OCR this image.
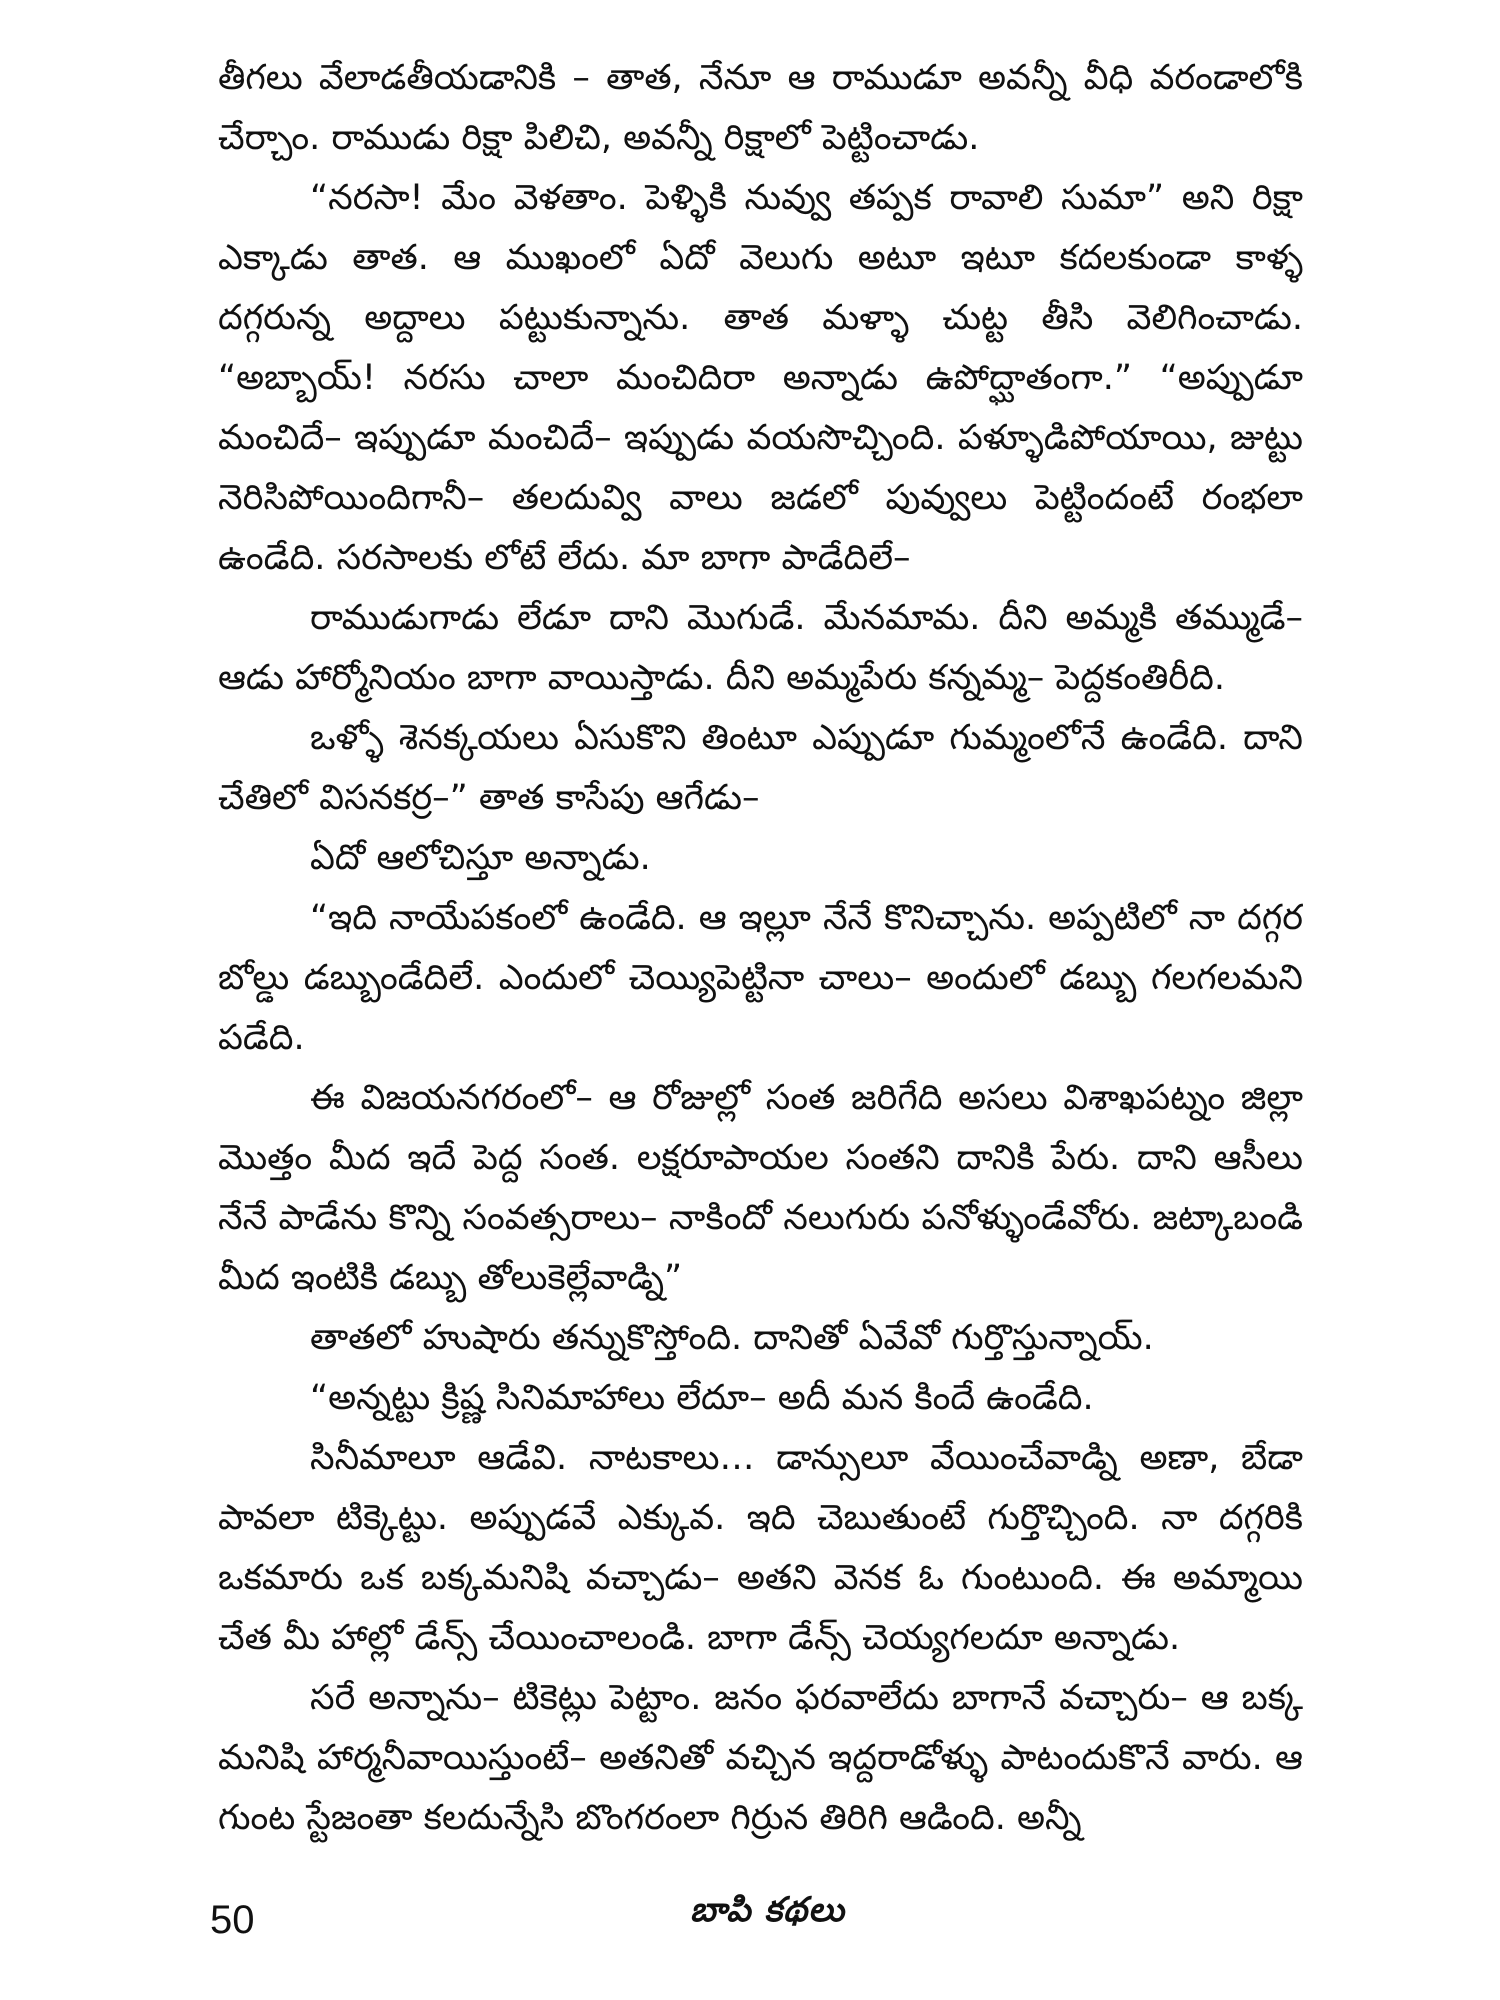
తీగలు వేలాడతీయడానికి – తాత, నేనూ ఆ రాముడూ అవన్నీ వీధి వరండాలోకి చేర్చాం. రాముడు రిక్షా పిలిచి, అవన్నీ రిక్షాలో పెట్టించాడు.

“నరసా! మేం వెళతాం. పెళ్ళికి నువ్వు తప్పక రావాలి సుమా” అని రిక్షా ఎక్కాడు తాత. ఆ ముఖంలో ఏదో వెలుగు అటూ ఇటూ కదలకుండా కాళ్ళ దగ్గరున్న అద్దాలు పట్టుకున్నాను. తాత మళ్ళా చుట్ట తీసి వెలిగించాడు. “అబ్బాయ్! నరసు చాలా మంచిదిరా అన్నాడు ఉపోద్ఘాతంగా.” “అప్పుడూ మంచిదే– ఇప్పుడూ మంచిదే– ఇప్పుడు వయసొచ్చింది. పళ్ళూడిపోయాయి, జుట్టు నెరిసిపోయిందిగానీ– తలదువ్వి వాలు జడలో పువ్వులు పెట్టిందంటే రంభలా ఉండేది. సరసాలకు లోటే లేదు. మా బాగా పాడేదిలే–

రాముడుగాడు లేడూ దాని మొగుడే. మేనమామ. దీని అమ్మకి తమ్ముడే– ఆడు హార్మోనియం బాగా వాయిస్తాడు. దీని అమ్మపేరు కన్నమ్మ– పెద్దకంతిరీది.

ఒళ్ళో శెనక్కయలు ఏసుకొని తింటూ ఎప్పుడూ గుమ్మంలోనే ఉండేది. దాని చేతిలో విసనకర్ర–” తాత కాసేపు ఆగేడు–

ఏదో ఆలోచిస్తూ అన్నాడు.

“ఇది నాయేపకంలో ఉండేది. ఆ ఇల్లూ నేనే కొనిచ్చాను. అప్పటిలో నా దగ్గర బోల్డు డబ్బుండేదిలే. ఎందులో చెయ్యిపెట్టినా చాలు– అందులో డబ్బు గలగలమని పడేది.

ఈ విజయనగరంలో– ఆ రోజుల్లో సంత జరిగేది అసలు విశాఖపట్నం జిల్లా మొత్తం మీద ఇదే పెద్ద సంత. లక్షరూపాయల సంతని దానికి పేరు. దాని ఆసీలు నేనే పాడేను కొన్ని సంవత్సరాలు– నాకిందో నలుగురు పనోళ్ళుండేవోరు. జట్కాబండి మీద ఇంటికి డబ్బు తోలుకెల్లేవాడ్ని”

తాతలో హుషారు తన్నుకొస్తోంది. దానితో ఏవేవో గుర్తొస్తున్నాయ్.

“అన్నట్టు క్రిష్ణ సినిమాహాలు లేదూ– అదీ మన కిందే ఉండేది.

సినీమాలూ ఆడేవి. నాటకాలు… డాన్సులూ వేయించేవాడ్ని అణా, బేడా పావలా టిక్కెట్టు. అప్పుడవే ఎక్కువ. ఇది చెబుతుంటే గుర్తొచ్చింది. నా దగ్గరికి ఒకమారు ఒక బక్కమనిషి వచ్చాడు– అతని వెనక ఓ గుంటుంది. ఈ అమ్మాయి చేత మీ హాల్లో డేన్స్ చేయించాలండి. బాగా డేన్స్ చెయ్యగలదూ అన్నాడు.

సరే అన్నాను– టికెట్లు పెట్టాం. జనం ఫరవాలేదు బాగానే వచ్చారు– ఆ బక్క మనిషి హార్మనీవాయిస్తుంటే– అతనితో వచ్చిన ఇద్దరాడోళ్ళు పాటందుకొనే వారు. ఆ గుంట స్టేజంతా కలదున్నేసి బొంగరంలా గిర్రున తిరిగి ఆడింది. అన్నీ

50	బాపి కథలు
